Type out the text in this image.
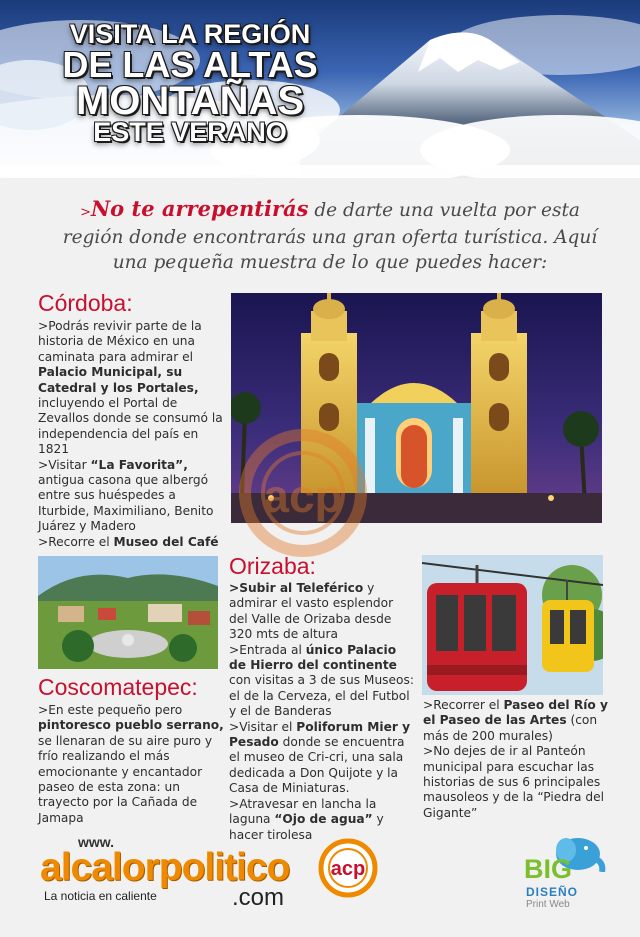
VISITA LA REGIÓN
DE LAS ALTAS
MONTAÑAS
ESTE VERANO

>No te arrepentirás de darte una vuelta por esta región donde encontrarás una gran oferta turística. Aquí una pequeña muestra de lo que puedes hacer:

Córdoba:

>Podrás revivir parte de la historia de México en una caminata para admirar el Palacio Municipal, su Catedral y los Portales, incluyendo el Portal de Zevallos donde se consumó la independencia del país en 1821

>Visitar “La Favorita”, antigua casona que albergó entre sus huéspedes a Iturbide, Maximiliano, Benito Juárez y Madero

>Recorre el Museo del Café

acp
Coscomatepec:

>En este pequeño pero pintoresco pueblo serrano, se llenaran de su aire puro y frío realizando el más emocionante y encantador paseo de esta zona: un trayecto por la Cañada de Jamapa

Orizaba:

>Subir al Teleférico y admirar el vasto esplendor del Valle de Orizaba desde 320 mts de altura

>Entrada al único Palacio de Hierro del continente con visitas a 3 de sus Museos: el de la Cerveza, el del Futbol y el de Banderas

>Visitar el Poliforum Mier y Pesado donde se encuentra el museo de Cri-cri, una sala dedicada a Don Quijote y la Casa de Miniaturas.

>Atravesar en lancha la laguna “Ojo de agua” y hacer tirolesa

>Recorrer el Paseo del Río y el Paseo de las Artes (con más de 200 murales)

>No dejes de ir al Panteón municipal para escuchar las historias de sus 6 principales mausoleos y de la “Piedra del Gigante”

www.
alcalorpolitico
.com
La noticia en caliente
acp	BIG
DISEÑO
Print Web
